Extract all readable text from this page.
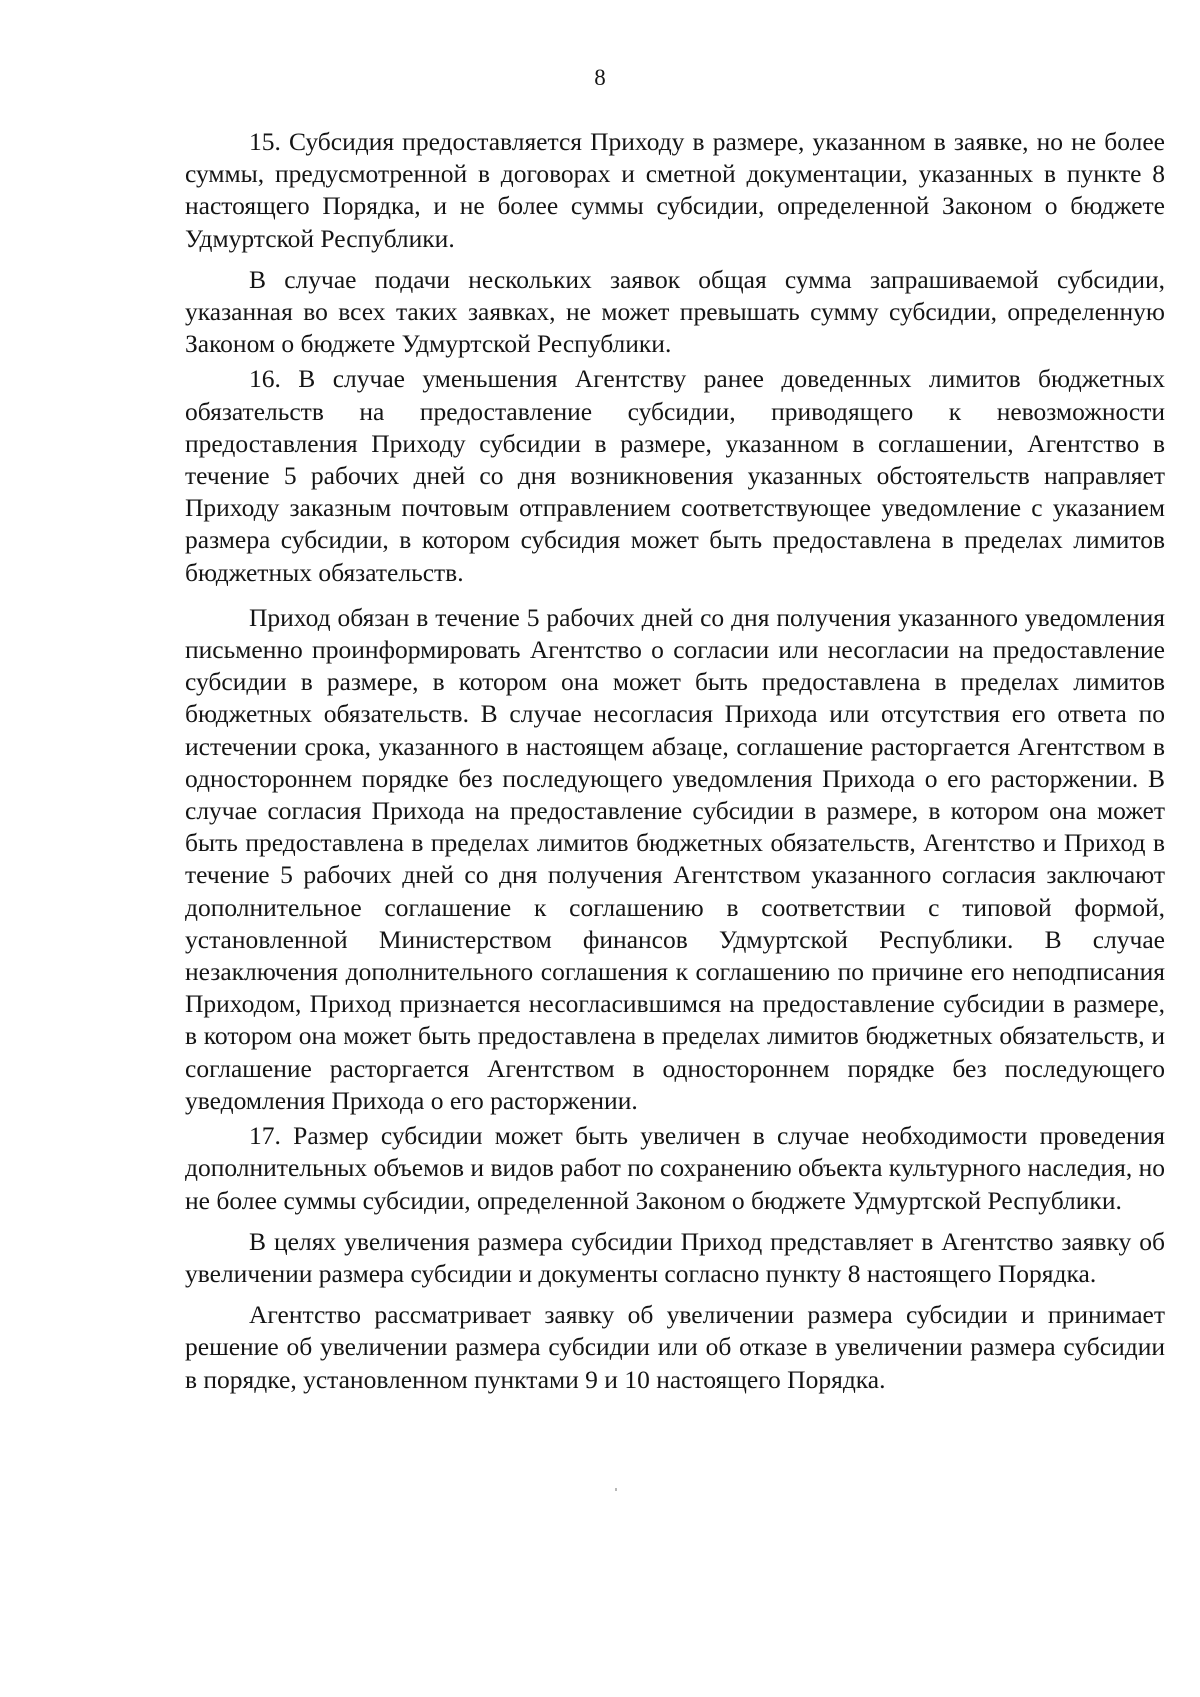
8

15. Субсидия предоставляется Приходу в размере, указанном в заявке, но не более суммы, предусмотренной в договорах и сметной документации, указанных в пункте 8 настоящего Порядка, и не более суммы субсидии, определенной Законом о бюджете Удмуртской Республики.

В случае подачи нескольких заявок общая сумма запрашиваемой субсидии, указанная во всех таких заявках, не может превышать сумму субсидии, определенную Законом о бюджете Удмуртской Республики.

16. В случае уменьшения Агентству ранее доведенных лимитов бюджетных обязательств на предоставление субсидии, приводящего к невозможности предоставления Приходу субсидии в размере, указанном в соглашении, Агентство в течение 5 рабочих дней со дня возникновения указанных обстоятельств направляет Приходу заказным почтовым отправлением соответствующее уведомление с указанием размера субсидии, в котором субсидия может быть предоставлена в пределах лимитов бюджетных обязательств.

Приход обязан в течение 5 рабочих дней со дня получения указанного уведомления письменно проинформировать Агентство о согласии или несогласии на предоставление субсидии в размере, в котором она может быть предоставлена в пределах лимитов бюджетных обязательств. В случае несогласия Прихода или отсутствия его ответа по истечении срока, указанного в настоящем абзаце, соглашение расторгается Агентством в одностороннем порядке без последующего уведомления Прихода о его расторжении. В случае согласия Прихода на предоставление субсидии в размере, в котором она может быть предоставлена в пределах лимитов бюджетных обязательств, Агентство и Приход в течение 5 рабочих дней со дня получения Агентством указанного согласия заключают дополнительное соглашение к соглашению в соответствии с типовой формой, установленной Министерством финансов Удмуртской Республики. В случае незаключения дополнительного соглашения к соглашению по причине его неподписания Приходом, Приход признается несогласившимся на предоставление субсидии в размере, в котором она может быть предоставлена в пределах лимитов бюджетных обязательств, и соглашение расторгается Агентством в одностороннем порядке без последующего уведомления Прихода о его расторжении.

17. Размер субсидии может быть увеличен в случае необходимости проведения дополнительных объемов и видов работ по сохранению объекта культурного наследия, но не более суммы субсидии, определенной Законом о бюджете Удмуртской Республики.

В целях увеличения размера субсидии Приход представляет в Агентство заявку об увеличении размера субсидии и документы согласно пункту 8 настоящего Порядка.

Агентство рассматривает заявку об увеличении размера субсидии и принимает решение об увеличении размера субсидии или об отказе в увеличении размера субсидии в порядке, установленном пунктами 9 и 10 настоящего Порядка.
